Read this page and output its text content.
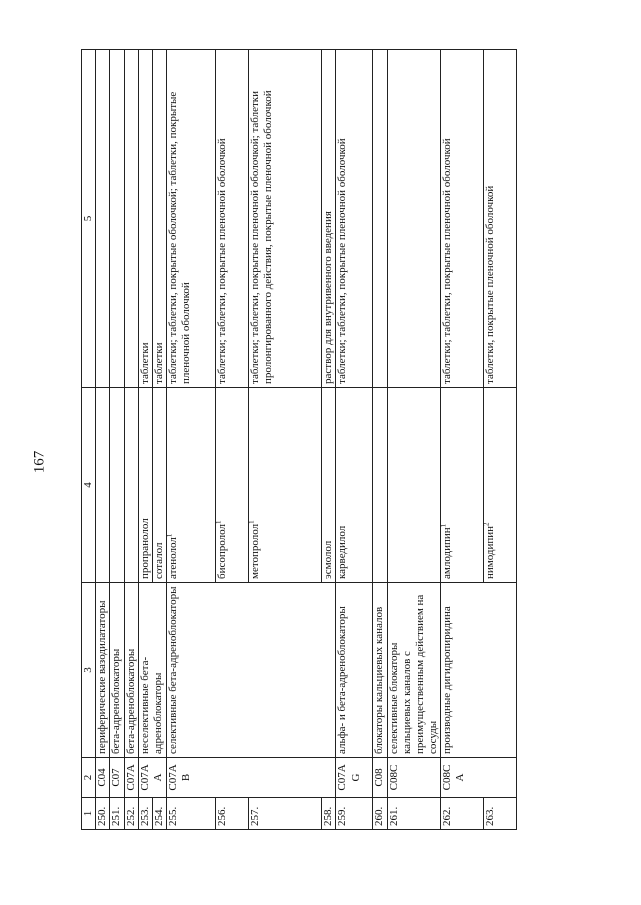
167
1	2	3	4	5
250.	C04	периферические вазодилататоры		
251.	C07	бета-адреноблокаторы		
252.	C07A	бета-адреноблокаторы		
253.	C07AA	неселективные бета-адреноблокаторы	пропранолол	таблетки
254.			соталол	таблетки
255.	C07AB	селективные бета-адреноблокаторы	атенолол$^1$	таблетки; таблетки, покрытые оболочкой; таблетки, покрытые пленочной оболочкой
256.			бисопролол$^1$	таблетки; таблетки, покрытые пленочной оболочкой
257.			метопролол$^1$	таблетки; таблетки, покрытые пленочной оболочкой; таблетки пролонгированного действия, покрытые пленочной оболочкой
258.			эсмолол	раствор для внутривенного введения
259.	C07AG	альфа- и бета-адреноблокаторы	карведилол	таблетки; таблетки, покрытые пленочной оболочкой
260.	C08	блокаторы кальциевых каналов		
261.	C08C	селективные блокаторы кальциевых каналов с преимущественным действием на сосуды		
262.	C08CA	производные дигидропиридина	амлодипин$^1$	таблетки; таблетки, покрытые пленочной оболочкой
263.			нимодипин$^2$	таблетки, покрытые пленочной оболочкой
